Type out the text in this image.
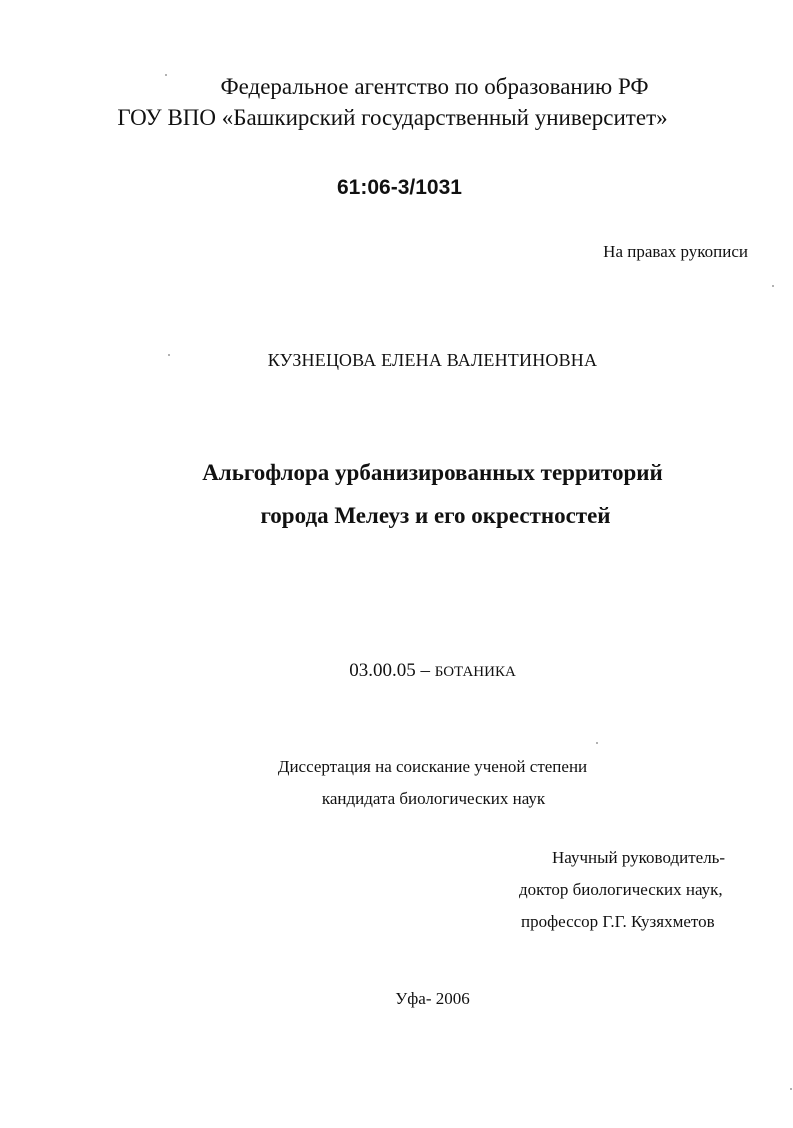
Федеральное агентство по образованию РФ
ГОУ ВПО «Башкирский государственный университет»
61:06-3/1031
На правах рукописи
КУЗНЕЦОВА ЕЛЕНА ВАЛЕНТИНОВНА
Альгофлора урбанизированных территорий
города Мелеуз и его окрестностей
03.00.05 – БОТАНИКА
Диссертация на соискание ученой степени
кандидата биологических наук
Научный руководитель-
доктор биологических наук,
профессор Г.Г. Кузяхметов
Уфа- 2006
